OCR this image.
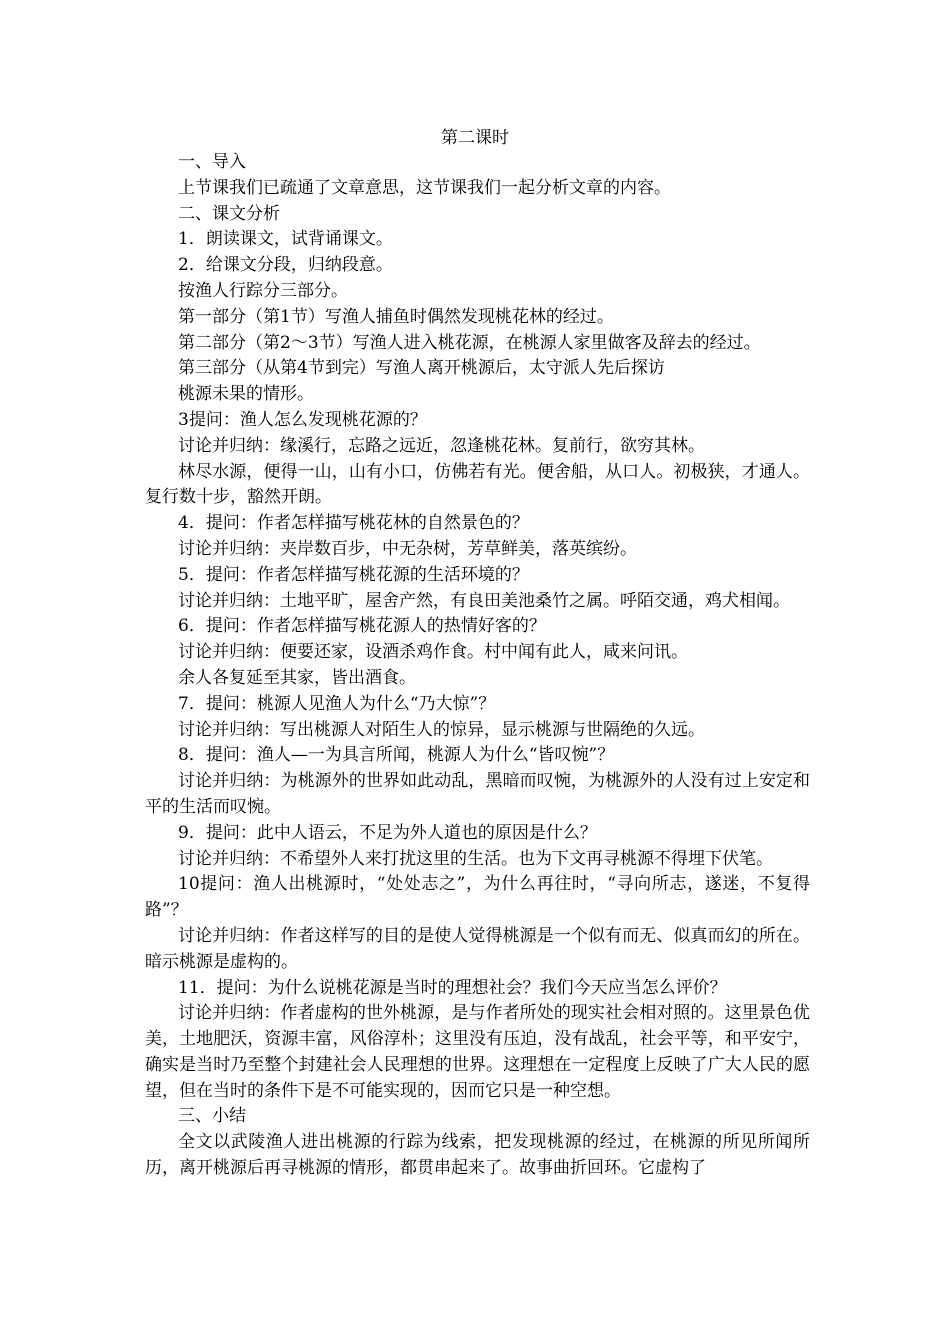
第二课时

一、导入

上节课我们已疏通了文章意思，这节课我们一起分析文章的内容。

二、课文分析

1．朗读课文，试背诵课文。

2．给课文分段，归纳段意。

按渔人行踪分三部分。

第一部分（第1节）写渔人捕鱼时偶然发现桃花林的经过。

第二部分（第2～3节）写渔人进入桃花源，在桃源人家里做客及辞去的经过。

第三部分（从第4节到完）写渔人离开桃源后，太守派人先后探访

桃源未果的情形。

3提问：渔人怎么发现桃花源的？

讨论并归纳：缘溪行，忘路之远近，忽逢桃花林。复前行，欲穷其林。

林尽水源，便得一山，山有小口，仿佛若有光。便舍船，从口人。初极狭，才通人。复行数十步，豁然开朗。

4．提问：作者怎样描写桃花林的自然景色的？

讨论并归纳：夹岸数百步，中无杂树，芳草鲜美，落英缤纷。

5．提问：作者怎样描写桃花源的生活环境的？

讨论并归纳：土地平旷，屋舍产然，有良田美池桑竹之属。呼陌交通，鸡犬相闻。

6．提问：作者怎样描写桃花源人的热情好客的？

讨论并归纳：便要还家，设酒杀鸡作食。村中闻有此人，咸来问讯。

余人各复延至其家，皆出酒食。

7．提问：桃源人见渔人为什么“乃大惊”？

讨论并归纳：写出桃源人对陌生人的惊异，显示桃源与世隔绝的久远。

8．提问：渔人—一为具言所闻，桃源人为什么“皆叹惋”？

讨论并归纳：为桃源外的世界如此动乱，黑暗而叹惋，为桃源外的人没有过上安定和平的生活而叹惋。

9．提问：此中人语云，不足为外人道也的原因是什么？

讨论并归纳：不希望外人来打扰这里的生活。也为下文再寻桃源不得埋下伏笔。

10提问：渔人出桃源时，“处处志之”，为什么再往时，“寻向所志，遂迷，不复得路”？

讨论并归纳：作者这样写的目的是使人觉得桃源是一个似有而无、似真而幻的所在。暗示桃源是虚构的。

11．提问：为什么说桃花源是当时的理想社会？我们今天应当怎么评价？

讨论并归纳：作者虚构的世外桃源，是与作者所处的现实社会相对照的。这里景色优美，土地肥沃，资源丰富，风俗淳朴；这里没有压迫，没有战乱，社会平等，和平安宁，确实是当时乃至整个封建社会人民理想的世界。这理想在一定程度上反映了广大人民的愿望，但在当时的条件下是不可能实现的，因而它只是一种空想。

三、小结

全文以武陵渔人进出桃源的行踪为线索，把发现桃源的经过，在桃源的所见所闻所历，离开桃源后再寻桃源的情形，都贯串起来了。故事曲折回环。它虚构了
